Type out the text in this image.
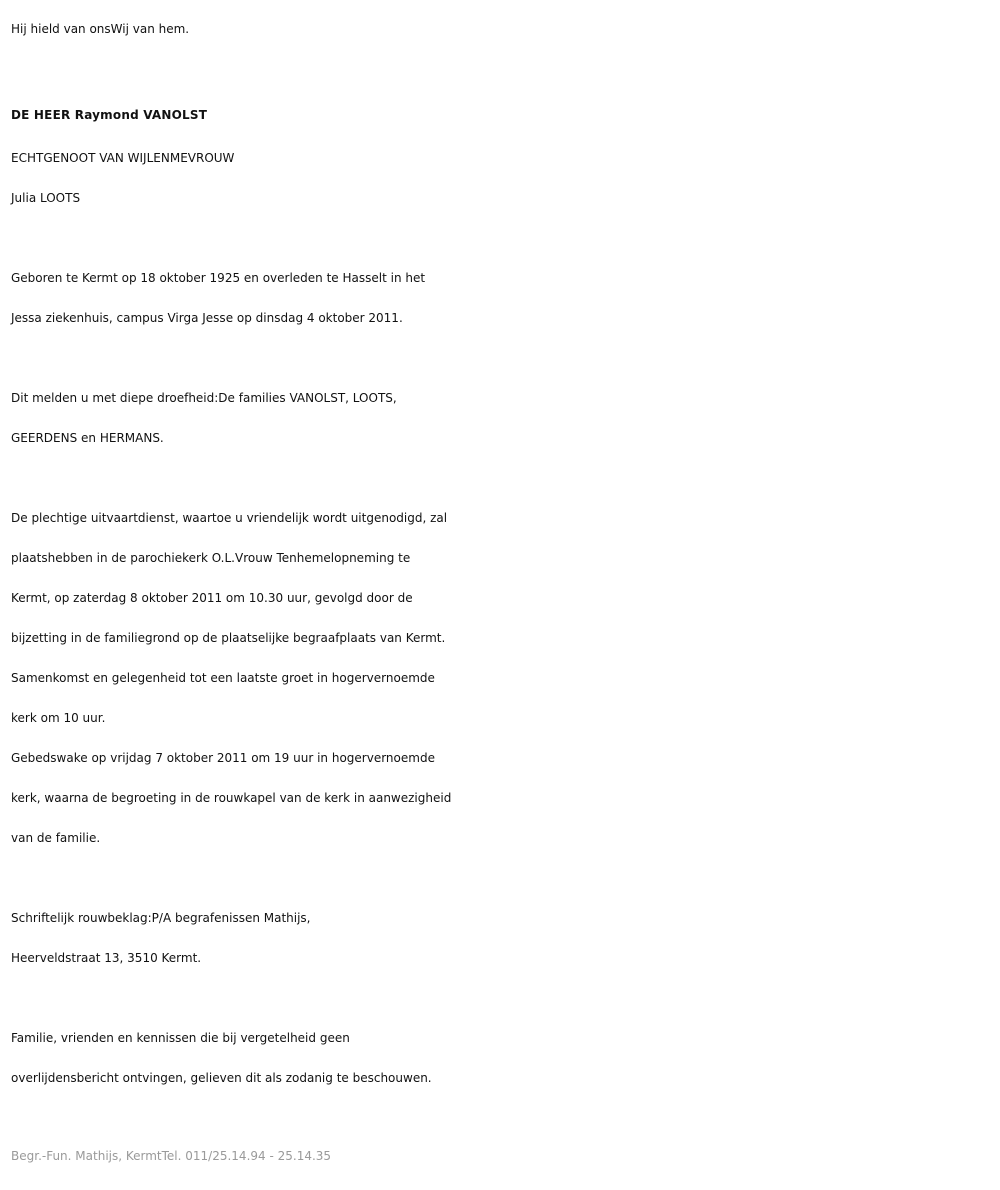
Hij hield van onsWij van hem.

DE HEER Raymond VANOLST

ECHTGENOOT VAN WIJLENMEVROUW

Julia LOOTS

Geboren te Kermt op 18 oktober 1925 en overleden te Hasselt in het

Jessa ziekenhuis, campus Virga Jesse op dinsdag 4 oktober 2011.

Dit melden u met diepe droefheid:De families VANOLST, LOOTS,

GEERDENS en HERMANS.

De plechtige uitvaartdienst, waartoe u vriendelijk wordt uitgenodigd, zal

plaatshebben in de parochiekerk O.L.Vrouw Tenhemelopneming te

Kermt, op zaterdag 8 oktober 2011 om 10.30 uur, gevolgd door de

bijzetting in de familiegrond op de plaatselijke begraafplaats van Kermt.

Samenkomst en gelegenheid tot een laatste groet in hogervernoemde

kerk om 10 uur.

Gebedswake op vrijdag 7 oktober 2011 om 19 uur in hogervernoemde

kerk, waarna de begroeting in de rouwkapel van de kerk in aanwezigheid

van de familie.

Schriftelijk rouwbeklag:P/A begrafenissen Mathijs,

Heerveldstraat 13, 3510 Kermt.

Familie, vrienden en kennissen die bij vergetelheid geen

overlijdensbericht ontvingen, gelieven dit als zodanig te beschouwen.

Begr.-Fun. Mathijs, KermtTel. 011/25.14.94 - 25.14.35
